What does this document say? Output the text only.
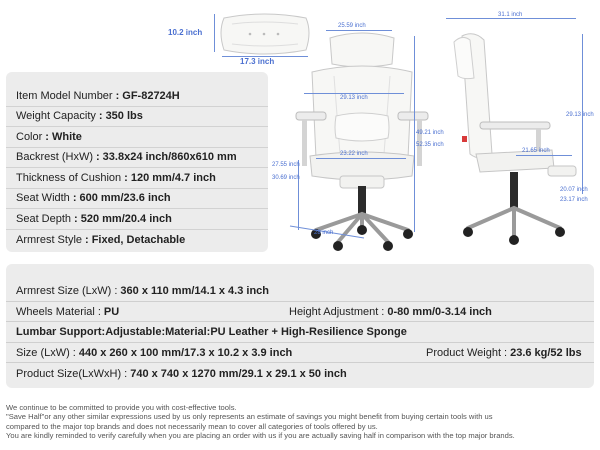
10.2 inch
17.3 inch
25.59 inch
29.13 inch
23.22 inch
49.21 inch
52.35 inch
27.55 inch
30.69 inch
28 inch
31.1 inch
29.13 inch
21.65 inch
20.07 inch
23.17 inch
Item Model Number : GF-82724H
Weight Capacity : 350 lbs
Color : White
Backrest (HxW) : 33.8x24 inch/860x610 mm
Thickness of Cushion : 120 mm/4.7 inch
Seat Width : 600 mm/23.6 inch
Seat Depth : 520 mm/20.4 inch
Armrest Style : Fixed, Detachable
Armrest Size (LxW) : 360 x 110 mm/14.1 x 4.3 inch
Wheels Material : PU	Height Adjustment : 0-80 mm/0-3.14 inch
Lumbar Support:Adjustable:Material:PU Leather + High-Resilience Sponge
Size (LxW) : 440 x 260 x 100 mm/17.3 x 10.2 x 3.9 inch	Product Weight : 23.6 kg/52 lbs
Product Size(LxWxH) : 740 x 740 x 1270 mm/29.1 x 29.1 x 50 inch
We continue to be committed to provide you with cost-effective tools.
"Save Half"or any other similar expressions used by us only represents an estimate of savings you might benefit from buying certain tools with us
compared to the major top brands and does not necessarily mean to cover all categories of tools offered by us.
You are kindly reminded to verify carefully when you are placing an order with us if you are actually saving half in comparison with the top major brands.
